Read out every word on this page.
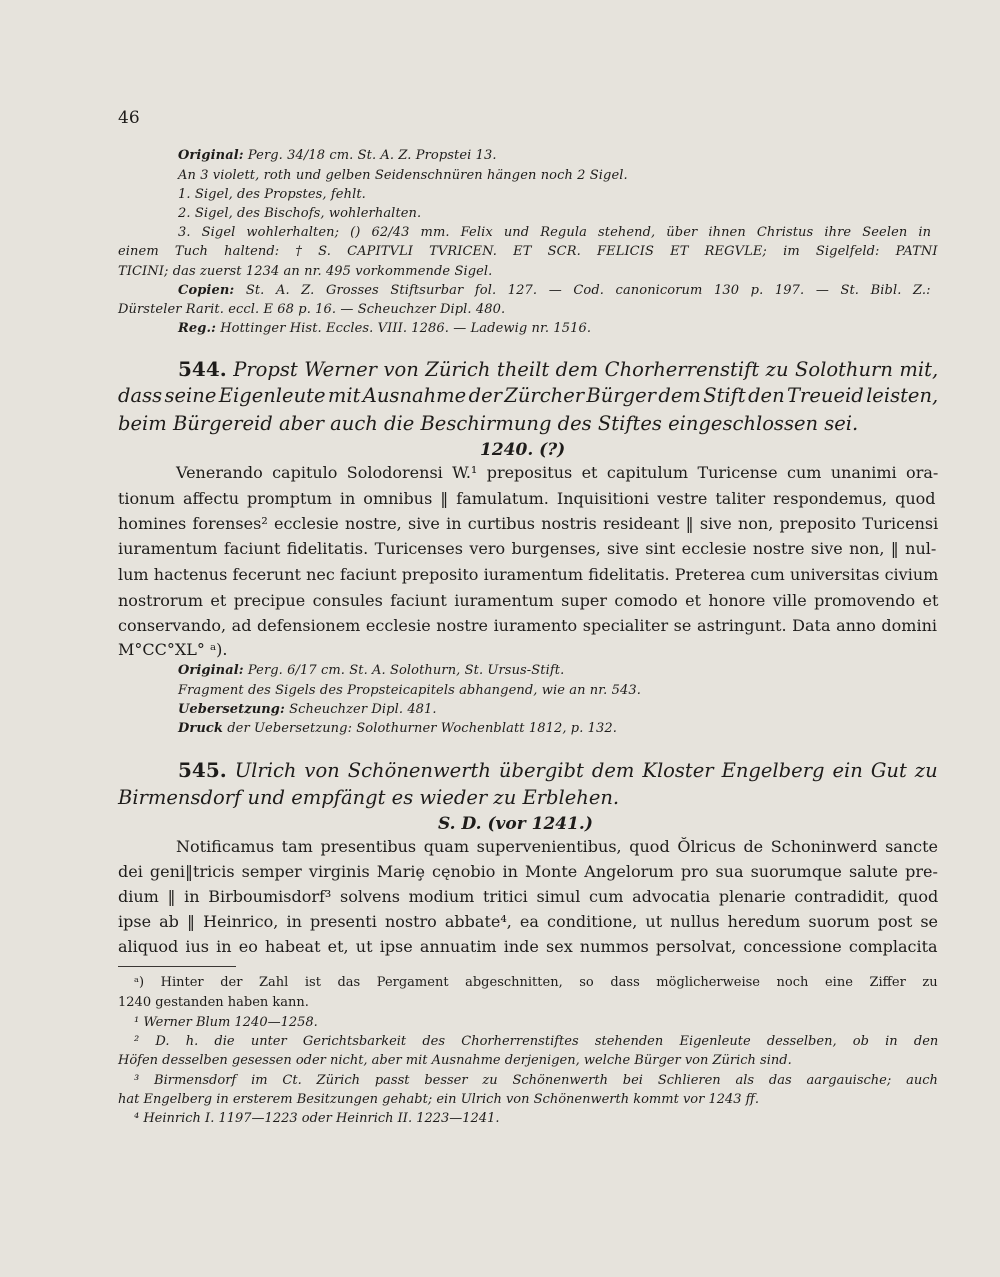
46
Original: Perg. 34/18 cm. St. A. Z. Propstei 13.
An 3 violett, roth und gelben Seidenschnüren hängen noch 2 Sigel.
1. Sigel, des Propstes, fehlt.
2. Sigel, des Bischofs, wohlerhalten.
3. Sigel wohlerhalten; () 62/43 mm. Felix und Regula stehend, über ihnen Christus ihre Seelen in
einem Tuch haltend: † S. CAPITVLI TVRICEN. ET SCR. FELICIS ET REGVLE; im Sigelfeld: PATNI
TICINI; das zuerst 1234 an nr. 495 vorkommende Sigel.
Copien: St. A. Z. Grosses Stiftsurbar fol. 127. — Cod. canonicorum 130 p. 197. — St. Bibl. Z.:
Dürsteler Rarit. eccl. E 68 p. 16. — Scheuchzer Dipl. 480.
Reg.: Hottinger Hist. Eccles. VIII. 1286. — Ladewig nr. 1516.
544. Propst Werner von Zürich theilt dem Chorherrenstift zu Solothurn mit,
dass seine Eigenleute mit Ausnahme der Zürcher Bürger dem Stift den Treueid leisten,
beim Bürgereid aber auch die Beschirmung des Stiftes eingeschlossen sei.
1240. (?)
Venerando capitulo Solodorensi W.¹ prepositus et capitulum Turicense cum unanimi ora-
tionum affectu promptum in omnibus ‖ famulatum. Inquisitioni vestre taliter respondemus, quod
homines forenses² ecclesie nostre, sive in curtibus nostris resideant ‖ sive non, preposito Turicensi
iuramentum faciunt fidelitatis. Turicenses vero burgenses, sive sint ecclesie nostre sive non, ‖ nul-
lum hactenus fecerunt nec faciunt preposito iuramentum fidelitatis. Preterea cum universitas civium
nostrorum et precipue consules faciunt iuramentum super comodo et honore ville promovendo et
conservando, ad defensionem ecclesie nostre iuramento specialiter se astringunt. Data anno domini
M°CC°XL° ᵃ).
Original: Perg. 6/17 cm. St. A. Solothurn, St. Ursus-Stift.
Fragment des Sigels des Propsteicapitels abhangend, wie an nr. 543.
Uebersetzung: Scheuchzer Dipl. 481.
Druck der Uebersetzung: Solothurner Wochenblatt 1812, p. 132.
545. Ulrich von Schönenwerth übergibt dem Kloster Engelberg ein Gut zu
Birmensdorf und empfängt es wieder zu Erblehen.
S. D. (vor 1241.)
Notificamus tam presentibus quam supervenientibus, quod Ŏlricus de Schoninwerd sancte
dei geni‖tricis semper virginis Mariȩ cęnobio in Monte Angelorum pro sua suorumque salute pre-
dium ‖ in Birboumisdorf³ solvens modium tritici simul cum advocatia plenarie contradidit, quod
ipse ab ‖ Heinrico, in presenti nostro abbate⁴, ea conditione, ut nullus heredum suorum post se
aliquod ius in eo habeat et, ut ipse annuatim inde sex nummos persolvat, concessione complacita
ᵃ) Hinter der Zahl ist das Pergament abgeschnitten, so dass möglicherweise noch eine Ziffer zu
1240 gestanden haben kann.
¹ Werner Blum 1240—1258.
² D. h. die unter Gerichtsbarkeit des Chorherrenstiftes stehenden Eigenleute desselben, ob in den
Höfen desselben gesessen oder nicht, aber mit Ausnahme derjenigen, welche Bürger von Zürich sind.
³ Birmensdorf im Ct. Zürich passt besser zu Schönenwerth bei Schlieren als das aargauische; auch
hat Engelberg in ersterem Besitzungen gehabt; ein Ulrich von Schönenwerth kommt vor 1243 ff.
⁴ Heinrich I. 1197—1223 oder Heinrich II. 1223—1241.
